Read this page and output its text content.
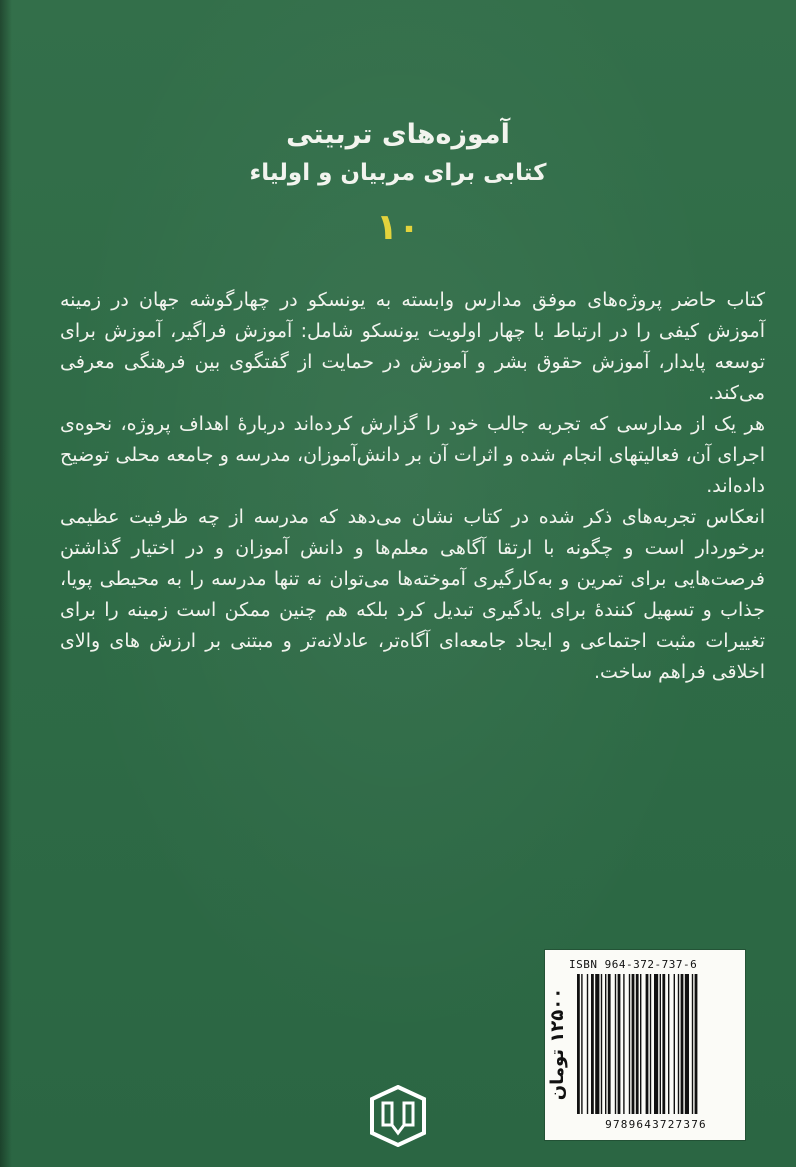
آموزه‌های تربیتی

کتابی برای مربیان و اولیاء

۱۰

کتاب حاضر پروژه‌های موفق مدارس وابسته به یونسکو در چهارگوشه جهان در زمینه آموزش کیفی را در ارتباط با چهار اولویت یونسکو شامل: آموزش فراگیر، آموزش برای توسعه پایدار، آموزش حقوق بشر و آموزش در حمایت از گفتگوی بین فرهنگی معرفی می‌کند.

هر یک از مدارسی که تجربه جالب خود را گزارش کرده‌اند دربارهٔ اهداف پروژه، نحوه‌ی اجرای آن، فعالیتهای انجام شده و اثرات آن بر دانش‌آموزان، مدرسه و جامعه محلی توضیح داده‌اند.

انعکاس تجربه‌های ذکر شده در کتاب نشان می‌دهد که مدرسه از چه ظرفیت عظیمی برخوردار است و چگونه با ارتقا آگاهی معلم‌ها و دانش آموزان و در اختیار گذاشتن فرصت‌هایی برای تمرین و به‌کارگیری آموخته‌ها می‌توان نه تنها مدرسه را به محیطی پویا، جذاب و تسهیل کنندهٔ برای یادگیری تبدیل کرد بلکه هم چنین ممکن است زمینه را برای تغییرات مثبت اجتماعی و ایجاد جامعه‌ای آگاه‌تر، عادلانه‌تر و مبتنی بر ارزش های والای اخلاقی فراهم ساخت.

۱۲۵۰۰ تومان
ISBN 964-372-737-6
9789643727376
